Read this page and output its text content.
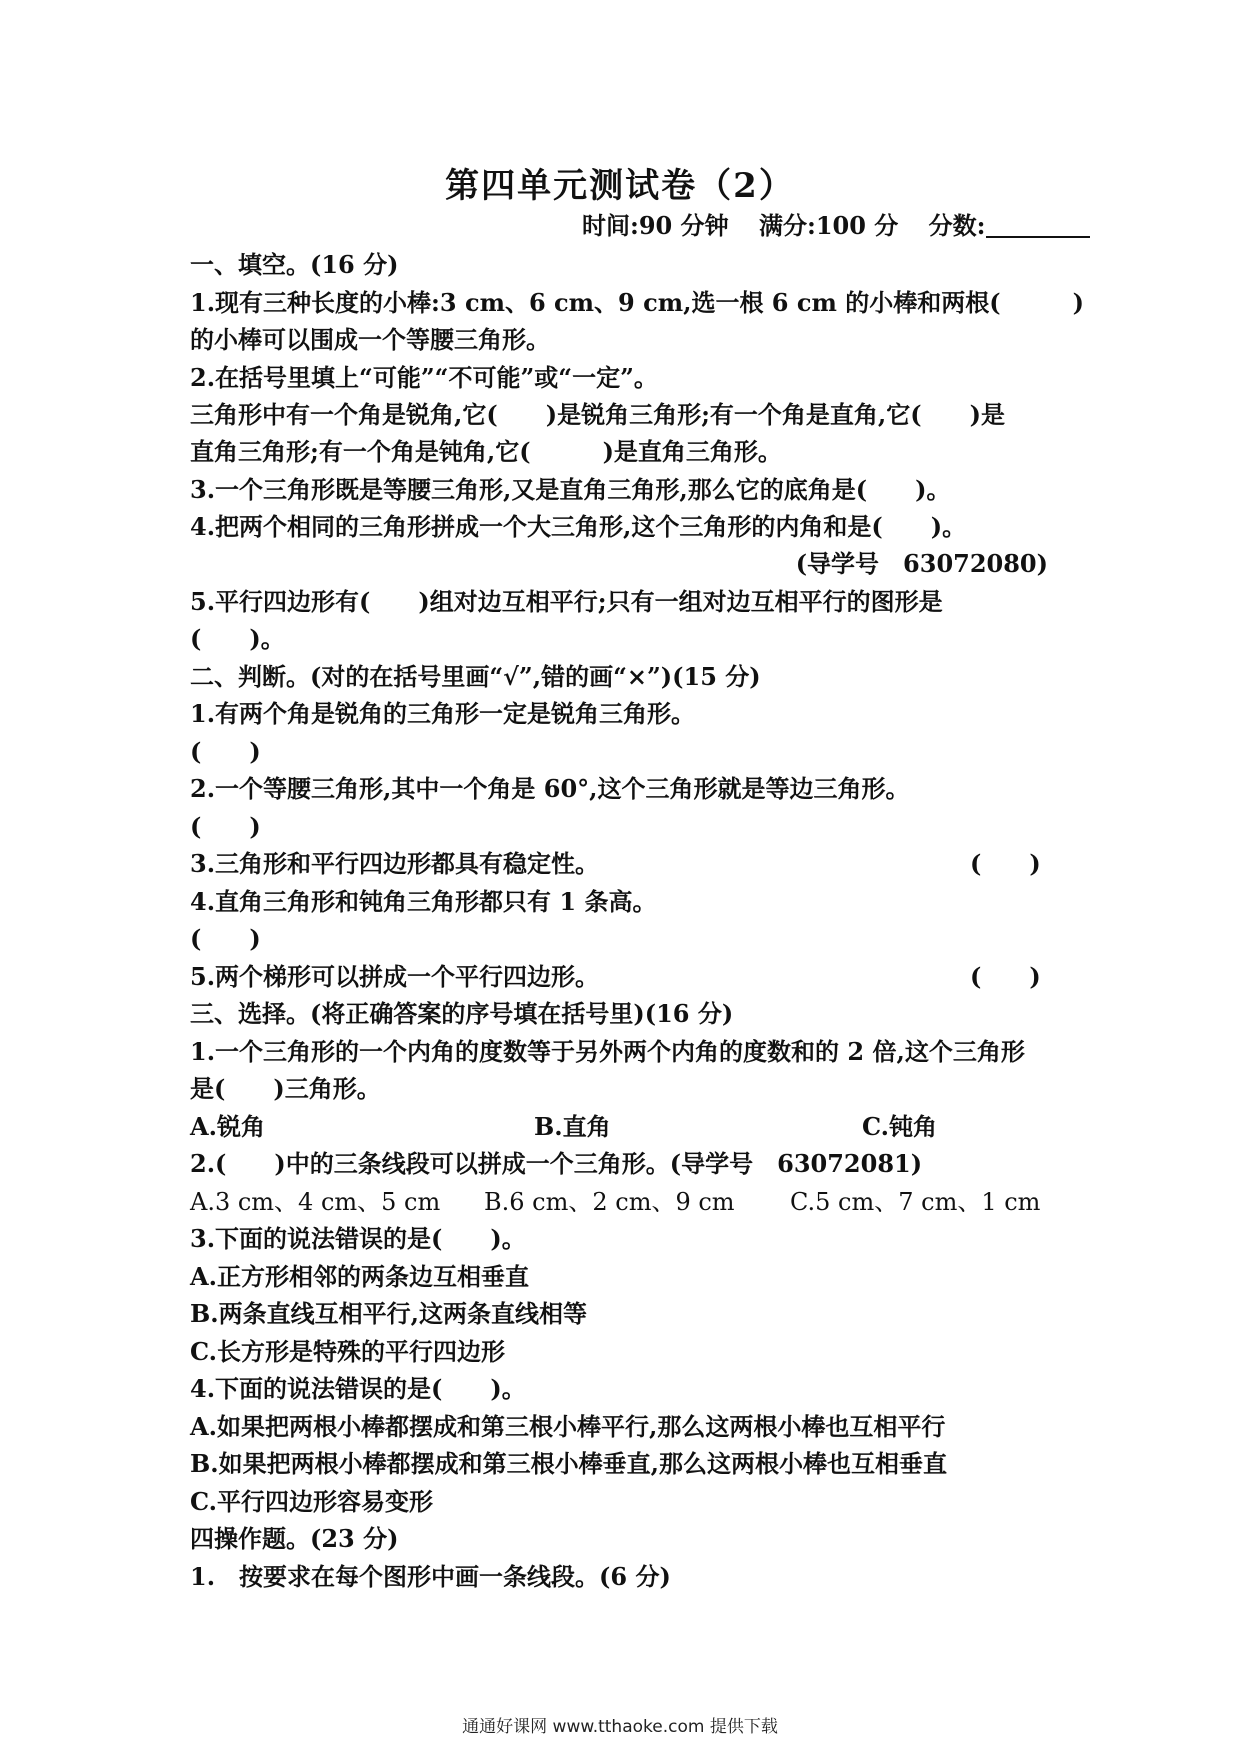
第四单元测试卷（2）
时间:90 分钟 满分:100 分 分数:
一、填空。(16 分)
1.现有三种长度的小棒:3 cm、6 cm、9 cm,选一根 6 cm 的小棒和两根(　　　)
的小棒可以围成一个等腰三角形。
2.在括号里填上“可能”“不可能”或“一定”。
三角形中有一个角是锐角,它(　　)是锐角三角形;有一个角是直角,它(　　)是
直角三角形;有一个角是钝角,它(　　　)是直角三角形。
3.一个三角形既是等腰三角形,又是直角三角形,那么它的底角是(　　)。
4.把两个相同的三角形拼成一个大三角形,这个三角形的内角和是(　　)。
(导学号　63072080)
5.平行四边形有(　　)组对边互相平行;只有一组对边互相平行的图形是
(　　)。
二、判断。(对的在括号里画“√”,错的画“×”)(15 分)
1.有两个角是锐角的三角形一定是锐角三角形。
(　　)
2.一个等腰三角形,其中一个角是 60°,这个三角形就是等边三角形。
(　　)
3.三角形和平行四边形都具有稳定性。	(　　)
4.直角三角形和钝角三角形都只有 1 条高。
(　　)
5.两个梯形可以拼成一个平行四边形。	(　　)
三、选择。(将正确答案的序号填在括号里)(16 分)
1.一个三角形的一个内角的度数等于另外两个内角的度数和的 2 倍,这个三角形
是(　　)三角形。
A.锐角	B.直角	C.钝角
2.(　　)中的三条线段可以拼成一个三角形。(导学号　63072081)
A.3 cm、4 cm、5 cm B.6 cm、2 cm、9 cm C.5 cm、7 cm、1 cm
3.下面的说法错误的是(　　)。
A.正方形相邻的两条边互相垂直
B.两条直线互相平行,这两条直线相等
C.长方形是特殊的平行四边形
4.下面的说法错误的是(　　)。
A.如果把两根小棒都摆成和第三根小棒平行,那么这两根小棒也互相平行
B.如果把两根小棒都摆成和第三根小棒垂直,那么这两根小棒也互相垂直
C.平行四边形容易变形
四操作题。(23 分)
1.　按要求在每个图形中画一条线段。(6 分)
通通好课网 www.tthaoke.com 提供下载
